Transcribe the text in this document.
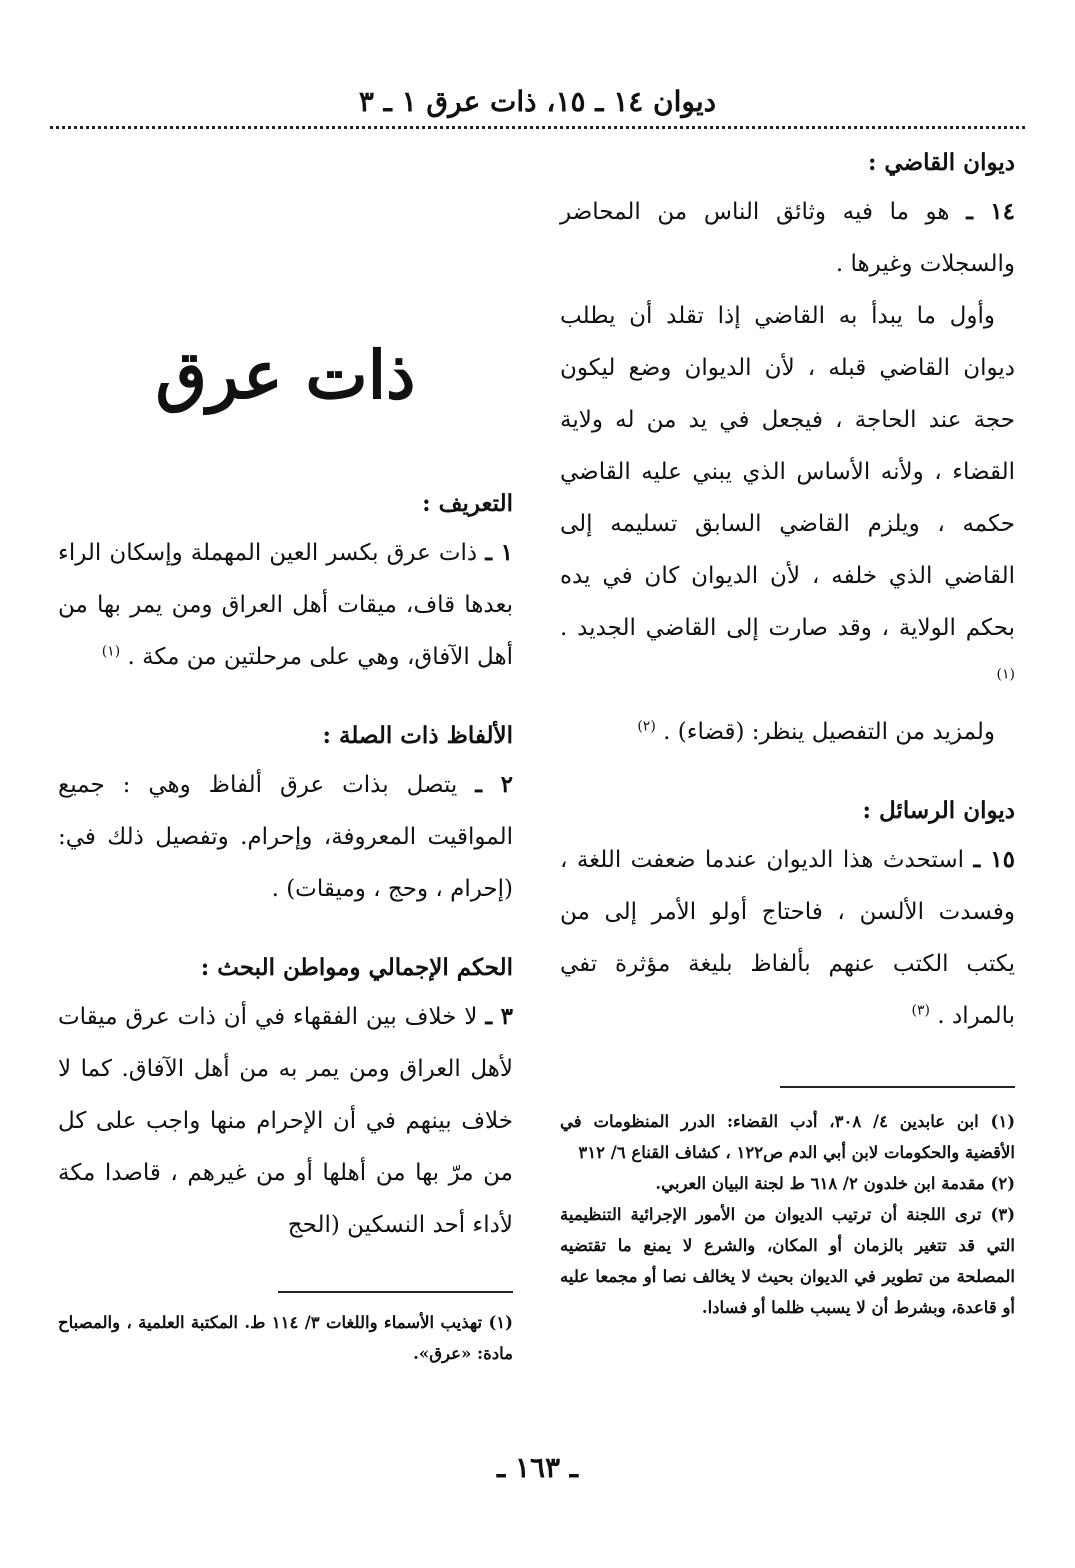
ديوان ١٤ ـ ١٥، ذات عرق ١ ـ ٣
ديوان القاضي :

١٤ ـ هو ما فيه وثائق الناس من المحاضر والسجلات وغيرها .

وأول ما يبدأ به القاضي إذا تقلد أن يطلب ديوان القاضي قبله ، لأن الديوان وضع ليكون حجة عند الحاجة ، فيجعل في يد من له ولاية القضاء ، ولأنه الأساس الذي يبني عليه القاضي حكمه ، ويلزم القاضي السابق تسليمه إلى القاضي الذي خلفه ، لأن الديوان كان في يده بحكم الولاية ، وقد صارت إلى القاضي الجديد . $^{(١)}$

ولمزيد من التفصيل ينظر: (قضاء) . $^{(٢)}$

ديوان الرسائل :

١٥ ـ استحدث هذا الديوان عندما ضعفت اللغة ، وفسدت الألسن ، فاحتاج أولو الأمر إلى من يكتب الكتب عنهم بألفاظ بليغة مؤثرة تفي بالمراد . $^{(٣)}$

(١) ابن عابدين ٤/ ٣٠٨، أدب القضاء: الدرر المنظومات في الأقضية والحكومات لابن أبي الدم ص١٢٢ ، كشاف القناع ٦/ ٣١٢

(٢) مقدمة ابن خلدون ٢/ ٦١٨ ط لجنة البيان العربي.

(٣) ترى اللجنة أن ترتيب الديوان من الأمور الإجرائية التنظيمية التي قد تتغير بالزمان أو المكان، والشرع لا يمنع ما تقتضيه المصلحة من تطوير في الديوان بحيث لا يخالف نصا أو مجمعا عليه أو قاعدة، وبشرط أن لا يسبب ظلما أو فسادا.

ذات عرق
التعريف :

١ ـ ذات عرق بكسر العين المهملة وإسكان الراء بعدها قاف، ميقات أهل العراق ومن يمر بها من أهل الآفاق، وهي على مرحلتين من مكة . $^{(١)}$

الألفاظ ذات الصلة :

٢ ـ يتصل بذات عرق ألفاظ وهي : جميع المواقيت المعروفة، وإحرام. وتفصيل ذلك في: (إحرام ، وحج ، وميقات) .

الحكم الإجمالي ومواطن البحث :

٣ ـ لا خلاف بين الفقهاء في أن ذات عرق ميقات لأهل العراق ومن يمر به من أهل الآفاق. كما لا خلاف بينهم في أن الإحرام منها واجب على كل من مرّ بها من أهلها أو من غيرهم ، قاصدا مكة لأداء أحد النسكين (الحج

(١) تهذيب الأسماء واللغات ٣/ ١١٤ ط. المكتبة العلمية ، والمصباح مادة: «عرق».

ـ ١٦٣ ـ
